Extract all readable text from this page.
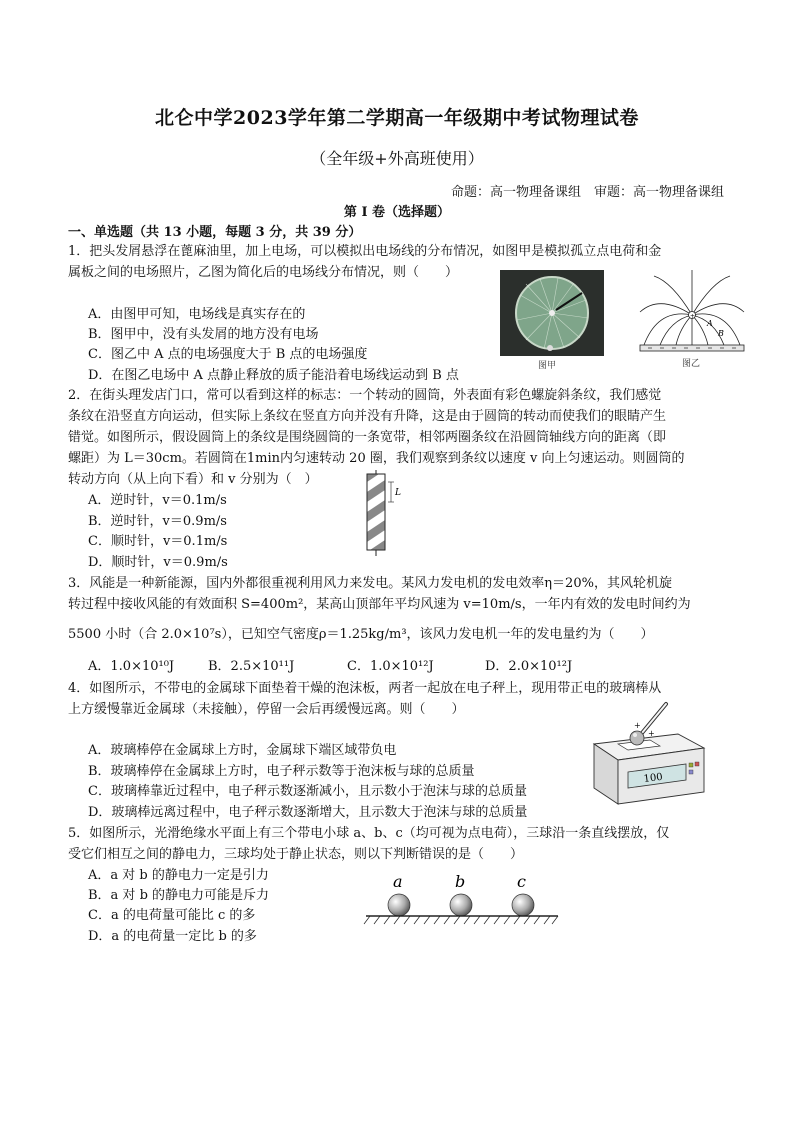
北仑中学2023学年第二学期高一年级期中考试物理试卷
（全年级+外高班使用）
命题：高一物理备课组　审题：高一物理备课组
第 I 卷（选择题）
一、单选题（共 13 小题，每题 3 分，共 39 分）
1．把头发屑悬浮在蓖麻油里，加上电场，可以模拟出电场线的分布情况，如图甲是模拟孤立点电荷和金
属板之间的电场照片，乙图为简化后的电场线分布情况，则（　　）
A．由图甲可知，电场线是真实存在的
B．图甲中，没有头发屑的地方没有电场
C．图乙中 A 点的电场强度大于 B 点的电场强度
D．在图乙电场中 A 点静止释放的质子能沿着电场线运动到 B 点
图甲
+
A
B
图乙
2．在街头理发店门口，常可以看到这样的标志：一个转动的圆筒，外表面有彩色螺旋斜条纹，我们感觉
条纹在沿竖直方向运动，但实际上条纹在竖直方向并没有升降，这是由于圆筒的转动而使我们的眼睛产生
错觉。如图所示，假设圆筒上的条纹是围绕圆筒的一条宽带，相邻两圈条纹在沿圆筒轴线方向的距离（即
螺距）为 L＝30cm。若圆筒在1min内匀速转动 20 圈，我们观察到条纹以速度 v 向上匀速运动。则圆筒的
转动方向（从上向下看）和 v 分别为（　）
A．逆时针，v＝0.1m/s
B．逆时针，v＝0.9m/s
C．顺时针，v＝0.1m/s
D．顺时针，v＝0.9m/s
L
3．风能是一种新能源，国内外都很重视利用风力来发电。某风力发电机的发电效率η＝20%，其风轮机旋
转过程中接收风能的有效面积 S=400m²，某高山顶部年平均风速为 v=10m/s，一年内有效的发电时间约为
5500 小时（合 2.0×10⁷s），已知空气密度ρ＝1.25kg/m³，该风力发电机一年的发电量约为（　　）
A．1.0×10¹⁰J	B．2.5×10¹¹J	C．1.0×10¹²J	D．2.0×10¹²J
4．如图所示，不带电的金属球下面垫着干燥的泡沫板，两者一起放在电子秤上，现用带正电的玻璃棒从
上方缓慢靠近金属球（未接触），停留一会后再缓慢远离。则（　　）
A．玻璃棒停在金属球上方时，金属球下端区域带负电
B．玻璃棒停在金属球上方时，电子秤示数等于泡沫板与球的总质量
C．玻璃棒靠近过程中，电子秤示数逐渐减小，且示数小于泡沫与球的总质量
D．玻璃棒远离过程中，电子秤示数逐渐增大，且示数大于泡沫与球的总质量
+
+
100
5．如图所示，光滑绝缘水平面上有三个带电小球 a、b、c（均可视为点电荷），三球沿一条直线摆放，仅
受它们相互之间的静电力，三球均处于静止状态，则以下判断错误的是（　　）
A．a 对 b 的静电力一定是引力
B．a 对 b 的静电力可能是斥力
C．a 的电荷量可能比 c 的多
D．a 的电荷量一定比 b 的多
a	b	c
